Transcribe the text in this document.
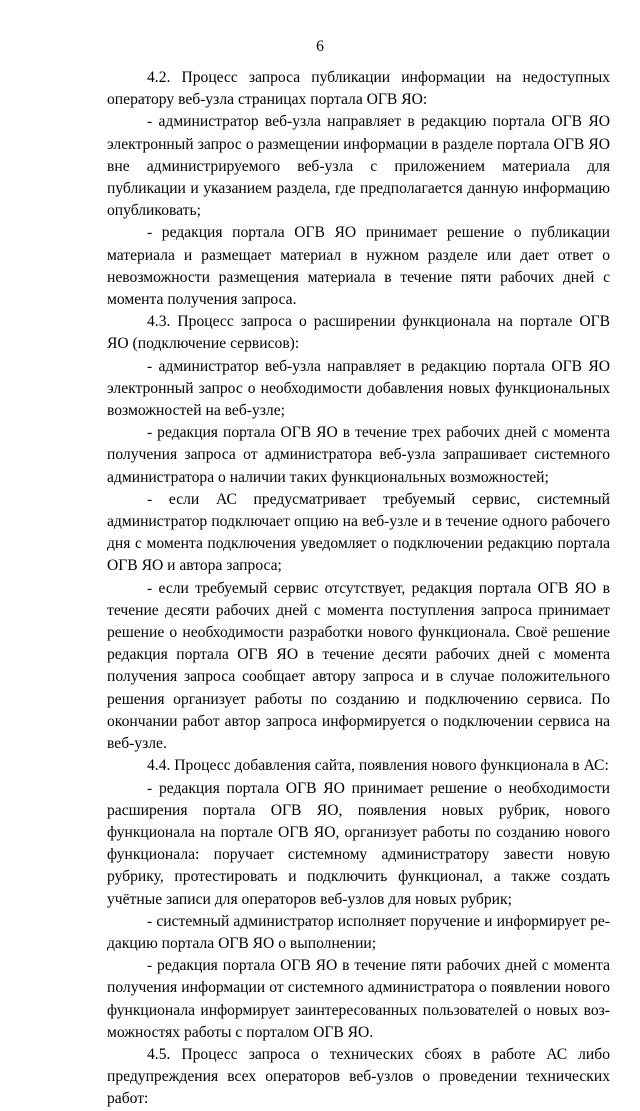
6

4.2. Процесс запроса публикации информации на недоступных оператору веб-узла страницах портала ОГВ ЯО:

- администратор веб-узла направляет в редакцию портала ОГВ ЯО электронный запрос о размещении информации в разделе портала ОГВ ЯО вне администрируемого веб-узла с приложением материала для публикации и указанием раздела, где предполагается данную информацию опубликовать;

- редакция портала ОГВ ЯО принимает решение о публикации материала и размещает материал в нужном разделе или дает ответ о невозможности размещения материала в течение пяти рабочих дней с момента получения запроса.

4.3. Процесс запроса о расширении функционала на портале ОГВ ЯО (подключение сервисов):

- администратор веб-узла направляет в редакцию портала ОГВ ЯО электронный запрос о необходимости добавления новых функциональных возможностей на веб-узле;

- редакция портала ОГВ ЯО в течение трех рабочих дней с момента получения запроса от администратора веб-узла запрашивает системного администратора о наличии таких функциональных возможностей;

- если АС предусматривает требуемый сервис, системный администратор подключает опцию на веб-узле и в течение одного рабочего дня с момента подключения уведомляет о подключении редакцию портала ОГВ ЯО и автора запроса;

- если требуемый сервис отсутствует, редакция портала ОГВ ЯО в течение десяти рабочих дней с момента поступления запроса принимает решение о необходимости разработки нового функционала. Своё решение редакция портала ОГВ ЯО в течение десяти рабочих дней с момента получения запроса сообщает автору запроса и в случае положительного решения организует работы по созданию и подключению сервиса. По окончании работ автор запроса информируется о подключении сервиса на веб-узле.

4.4. Процесс добавления сайта, появления нового функционала в АС:

- редакция портала ОГВ ЯО принимает решение о необходимости расширения портала ОГВ ЯО, появления новых рубрик, нового функционала на портале ОГВ ЯО, организует работы по созданию нового функционала: поручает системному администратору завести новую рубрику, протестировать и подключить функционал, а также создать учётные записи для операторов веб-узлов для новых рубрик;

- системный администратор исполняет поручение и информирует редакцию портала ОГВ ЯО о выполнении;

- редакция портала ОГВ ЯО в течение пяти рабочих дней с момента получения информации от системного администратора о появлении нового функционала информирует заинтересованных пользователей о новых возможностях работы с порталом ОГВ ЯО.

4.5. Процесс запроса о технических сбоях в работе АС либо предупреждения всех операторов веб-узлов о проведении технических работ:
